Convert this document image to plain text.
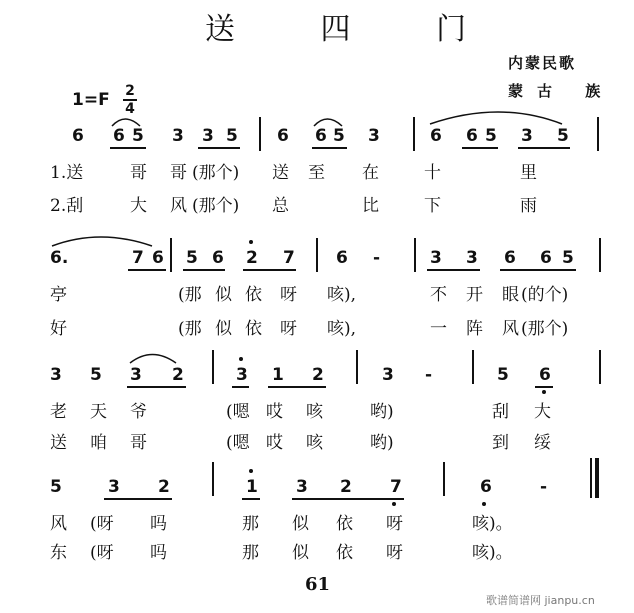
送 四 门
内蒙民歌
蒙古 族
1=F 2
4
6 6 5 3 3 5 6 6 5 3	6 6 5 3 5
1.送	哥 哥 (那个) 送 至 在	十	里
2.刮	大 风 (那个) 总	比	下	雨
6.	7 6 5 6 2 7 6 -	3 3 6 6 5
亭	(那 似 依 呀 咳),	不 开 眼 (的个)
好	(那 似 依 呀 咳),	一 阵 风 (那个)
3 5 3 2	3 1 2	3 -	5 6
老 天 爷	(嗯 哎 咳	哟)	刮 大
送 咱 哥	(嗯 哎 咳	哟)	到 绥
5	3 2	1 3 2 7	6	-
风 (呀 吗	那 似 依 呀	咳)。
东 (呀 吗	那 似 依 呀	咳)。
61
歌谱简谱网 jianpu.cn
